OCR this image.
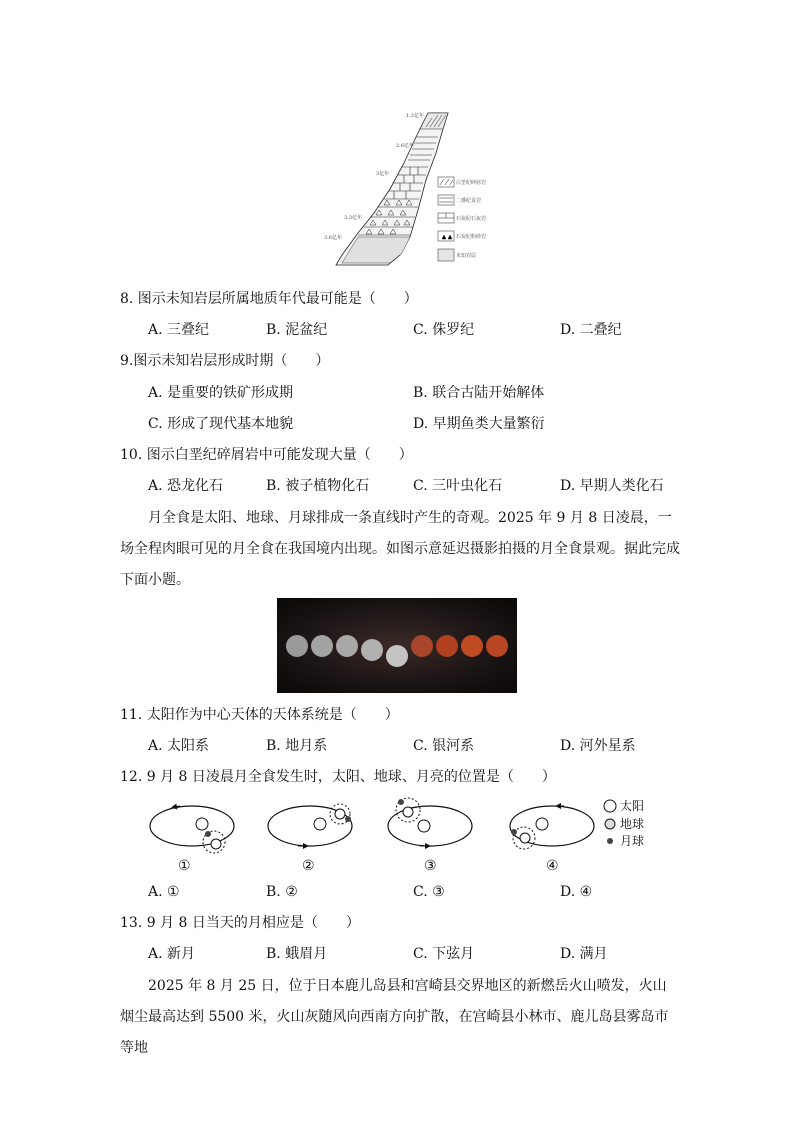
1.2亿年
2.6亿年
3亿年
3.3亿年
3.6亿年
白垩纪碎屑岩
二叠纪页岩
石炭纪石灰岩
石炭纪粉砂岩
未知岩层
8. 图示未知岩层所属地质年代最可能是（　　）
A. 三叠纪	B. 泥盆纪	C. 侏罗纪	D. 二叠纪
9.图示未知岩层形成时期（　　）
A. 是重要的铁矿形成期	B. 联合古陆开始解体
C. 形成了现代基本地貌	D. 早期鱼类大量繁衍
10. 图示白垩纪碎屑岩中可能发现大量（　　）
A. 恐龙化石	B. 被子植物化石	C. 三叶虫化石	D. 早期人类化石
月全食是太阳、地球、月球排成一条直线时产生的奇观。2025 年 9 月 8 日凌晨，一场全程肉眼可见的月全食在我国境内出现。如图示意延迟摄影拍摄的月全食景观。据此完成下面小题。
11. 太阳作为中心天体的天体系统是（　　）
A. 太阳系	B. 地月系	C. 银河系	D. 河外星系
12. 9 月 8 日凌晨月全食发生时，太阳、地球、月亮的位置是（　　）
①	②	③	④
太阳
地球
月球
A. ①	B. ②	C. ③	D. ④
13. 9 月 8 日当天的月相应是（　　）
A. 新月	B. 蛾眉月	C. 下弦月	D. 满月
2025 年 8 月 25 日，位于日本鹿儿岛县和宫崎县交界地区的新燃岳火山喷发，火山烟尘最高达到 5500 米，火山灰随风向西南方向扩散，在宫崎县小林市、鹿儿岛县雾岛市等地
